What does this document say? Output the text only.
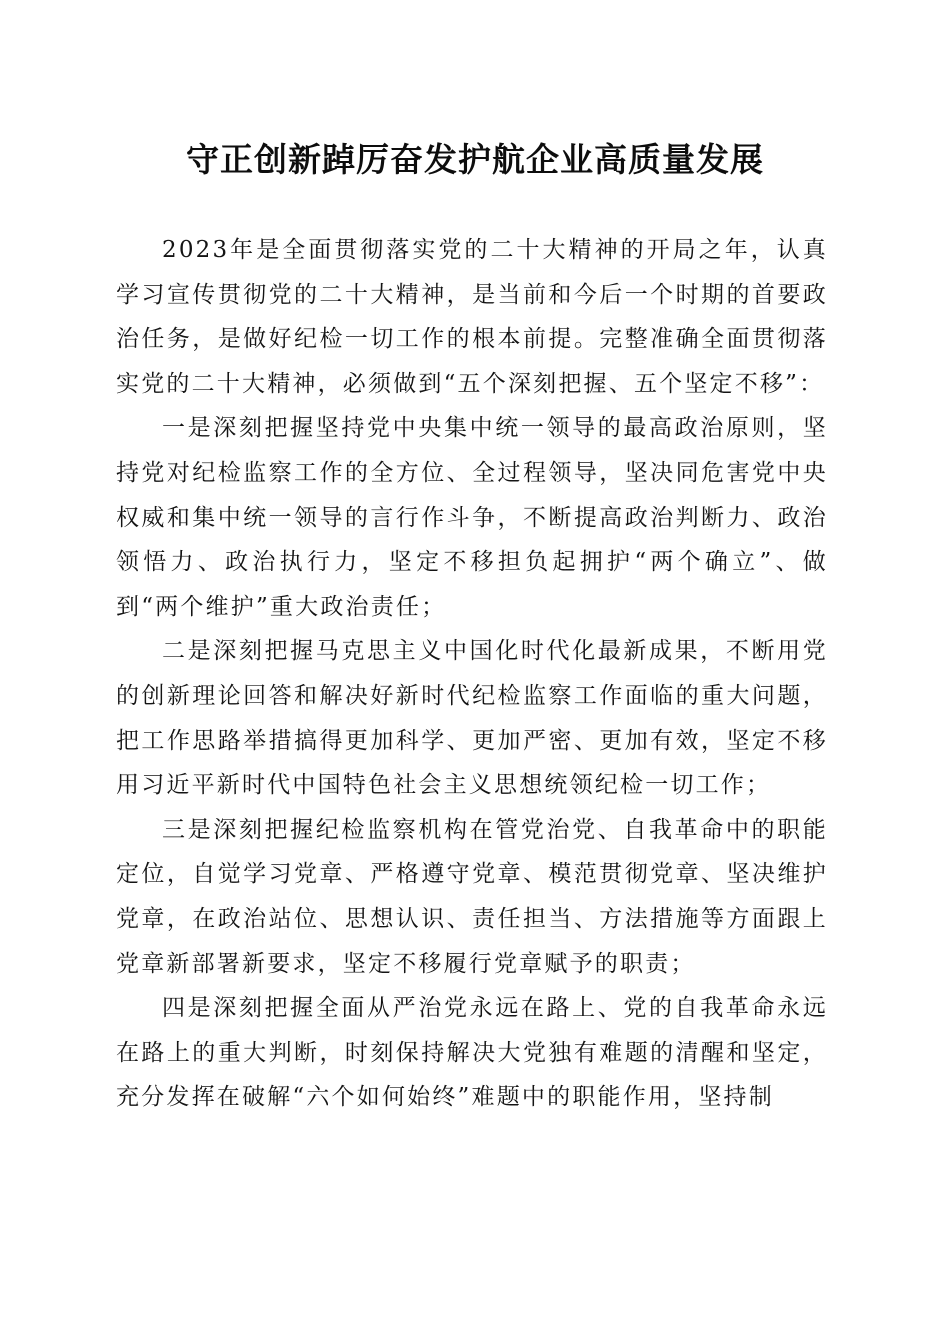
守正创新踔厉奋发护航企业高质量发展

2023年是全面贯彻落实党的二十大精神的开局之年，认真学习宣传贯彻党的二十大精神，是当前和今后一个时期的首要政治任务，是做好纪检一切工作的根本前提。完整准确全面贯彻落实党的二十大精神，必须做到“五个深刻把握、五个坚定不移”：

一是深刻把握坚持党中央集中统一领导的最高政治原则，坚持党对纪检监察工作的全方位、全过程领导，坚决同危害党中央权威和集中统一领导的言行作斗争，不断提高政治判断力、政治领悟力、政治执行力，坚定不移担负起拥护“两个确立”、做到“两个维护”重大政治责任；

二是深刻把握马克思主义中国化时代化最新成果，不断用党的创新理论回答和解决好新时代纪检监察工作面临的重大问题，把工作思路举措搞得更加科学、更加严密、更加有效，坚定不移用习近平新时代中国特色社会主义思想统领纪检一切工作；

三是深刻把握纪检监察机构在管党治党、自我革命中的职能定位，自觉学习党章、严格遵守党章、模范贯彻党章、坚决维护党章，在政治站位、思想认识、责任担当、方法措施等方面跟上党章新部署新要求，坚定不移履行党章赋予的职责；

四是深刻把握全面从严治党永远在路上、党的自我革命永远在路上的重大判断，时刻保持解决大党独有难题的清醒和坚定，充分发挥在破解“六个如何始终”难题中的职能作用，坚持制
